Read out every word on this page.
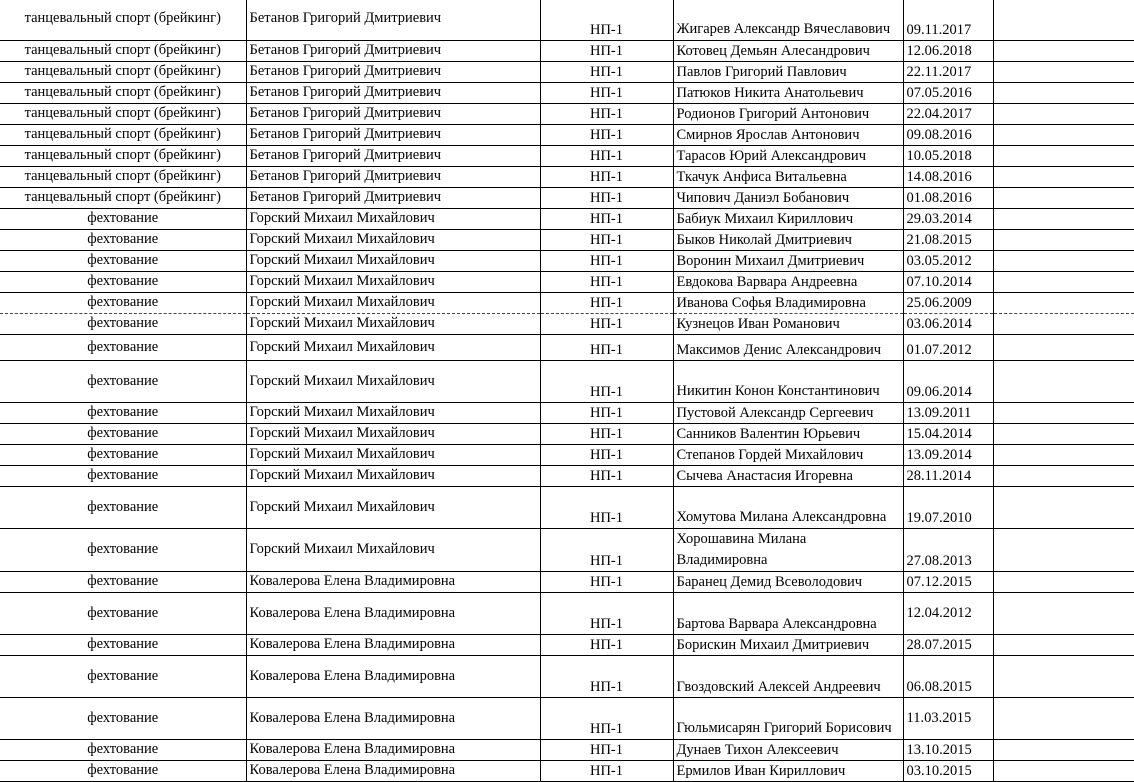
танцевальный спорт (брейкинг)	Бетанов Григорий Дмитриевич	НП-1	Жигарев Александр Вячеславович	09.11.2017	
танцевальный спорт (брейкинг)	Бетанов Григорий Дмитриевич	НП-1	Котовец Демьян Алесандрович	12.06.2018	
танцевальный спорт (брейкинг)	Бетанов Григорий Дмитриевич	НП-1	Павлов Григорий Павлович	22.11.2017	
танцевальный спорт (брейкинг)	Бетанов Григорий Дмитриевич	НП-1	Патюков Никита Анатольевич	07.05.2016	
танцевальный спорт (брейкинг)	Бетанов Григорий Дмитриевич	НП-1	Родионов Григорий Антонович	22.04.2017	
танцевальный спорт (брейкинг)	Бетанов Григорий Дмитриевич	НП-1	Смирнов Ярослав Антонович	09.08.2016	
танцевальный спорт (брейкинг)	Бетанов Григорий Дмитриевич	НП-1	Тарасов Юрий Александрович	10.05.2018	
танцевальный спорт (брейкинг)	Бетанов Григорий Дмитриевич	НП-1	Ткачук Анфиса Витальевна	14.08.2016	
танцевальный спорт (брейкинг)	Бетанов Григорий Дмитриевич	НП-1	Чипович Даниэл Бобанович	01.08.2016	
фехтование	Горский Михаил Михайлович	НП-1	Бабиук Михаил Кириллович	29.03.2014	
фехтование	Горский Михаил Михайлович	НП-1	Быков Николай Дмитриевич	21.08.2015	
фехтование	Горский Михаил Михайлович	НП-1	Воронин Михаил Дмитриевич	03.05.2012	
фехтование	Горский Михаил Михайлович	НП-1	Евдокова Варвара Андреевна	07.10.2014	
фехтование	Горский Михаил Михайлович	НП-1	Иванова Софья Владимировна	25.06.2009	
фехтование	Горский Михаил Михайлович	НП-1	Кузнецов Иван Романович	03.06.2014	
фехтование	Горский Михаил Михайлович	НП-1	Максимов Денис Александрович	01.07.2012	
фехтование	Горский Михаил Михайлович	НП-1	Никитин Конон Константинович	09.06.2014	
фехтование	Горский Михаил Михайлович	НП-1	Пустовой Александр Сергеевич	13.09.2011	
фехтование	Горский Михаил Михайлович	НП-1	Санников Валентин Юрьевич	15.04.2014	
фехтование	Горский Михаил Михайлович	НП-1	Степанов Гордей Михайлович	13.09.2014	
фехтование	Горский Михаил Михайлович	НП-1	Сычева Анастасия Игоревна	28.11.2014	
фехтование	Горский Михаил Михайлович	НП-1	Хомутова Милана Александровна	19.07.2010	
фехтование	Горский Михаил Михайлович	НП-1	Хорошавина Милана Владимировна	27.08.2013	
фехтование	Ковалерова Елена Владимировна	НП-1	Баранец Демид Всеволодович	07.12.2015	
фехтование	Ковалерова Елена Владимировна	НП-1	Бартова Варвара Александровна	12.04.2012	
фехтование	Ковалерова Елена Владимировна	НП-1	Борискин Михаил Дмитриевич	28.07.2015	
фехтование	Ковалерова Елена Владимировна	НП-1	Гвоздовский Алексей Андреевич	06.08.2015	
фехтование	Ковалерова Елена Владимировна	НП-1	Гюльмисарян Григорий Борисович	11.03.2015	
фехтование	Ковалерова Елена Владимировна	НП-1	Дунаев Тихон Алексеевич	13.10.2015	
фехтование	Ковалерова Елена Владимировна	НП-1	Ермилов Иван Кириллович	03.10.2015	
